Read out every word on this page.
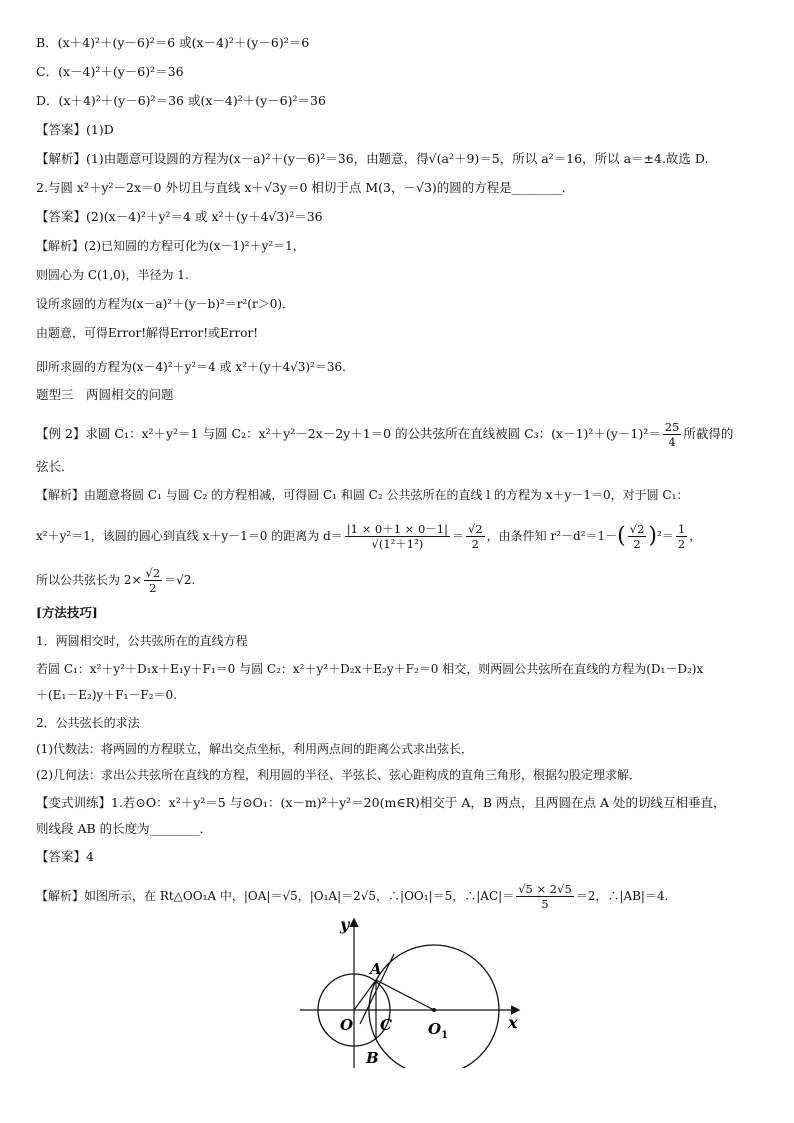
B．(x＋4)²＋(y－6)²＝6 或(x－4)²＋(y－6)²＝6
C．(x－4)²＋(y－6)²＝36
D．(x＋4)²＋(y－6)²＝36 或(x－4)²＋(y－6)²＝36
【答案】(1)D
【解析】(1)由题意可设圆的方程为(x－a)²＋(y－6)²＝36，由题意，得√(a²＋9)＝5，所以 a²＝16，所以 a＝±4.故选 D.
2.与圆 x²＋y²－2x＝0 外切且与直线 x＋√3y＝0 相切于点 M(3，－√3)的圆的方程是________．
【答案】(2)(x－4)²＋y²＝4 或 x²＋(y＋4√3)²＝36
【解析】(2)已知圆的方程可化为(x－1)²＋y²＝1，
则圆心为 C(1,0)，半径为 1.
设所求圆的方程为(x－a)²＋(y－b)²＝r²(r＞0)．
由题意，可得Error!解得Error!或Error!
即所求圆的方程为(x－4)²＋y²＝4 或 x²＋(y＋4√3)²＝36.
题型三　两圆相交的问题
【例 2】求圆 C₁：x²＋y²＝1 与圆 C₂：x²＋y²－2x－2y＋1＝0 的公共弦所在直线被圆 C₃：$(x-1)^2+(y-1)^2= \frac{25}{4}$ 所截得的
弦长．
【解析】由题意将圆 C₁ 与圆 C₂ 的方程相减，可得圆 C₁ 和圆 C₂ 公共弦所在的直线 l 的方程为 x＋y－1＝0，对于圆 C₁：
x²＋y²＝1，该圆的圆心到直线 x＋y－1＝0 的距离为 $d= \frac{|1 \times 0+1 \times 0-1|}{\text{√(1²＋1²)}} = \frac{√2}{2}$ ，由条件知 $r^2-d^2=1-( \frac{√2}{2} )^2= \frac{1}{2}$ ，
所以公共弦长为 $2\times \frac{√2}{2} =√2$.
[方法技巧]
1．两圆相交时，公共弦所在的直线方程
若圆 C₁：x²＋y²＋D₁x＋E₁y＋F₁＝0 与圆 C₂：x²＋y²＋D₂x＋E₂y＋F₂＝0 相交，则两圆公共弦所在直线的方程为(D₁－D₂)x
＋(E₁－E₂)y＋F₁－F₂＝0.
2．公共弦长的求法
(1)代数法：将两圆的方程联立，解出交点坐标，利用两点间的距离公式求出弦长．
(2)几何法：求出公共弦所在直线的方程，利用圆的半径、半弦长、弦心距构成的直角三角形，根据勾股定理求解．
【变式训练】1.若⊙O：x²＋y²＝5 与⊙O₁：(x－m)²＋y²＝20(m∈R)相交于 A，B 两点，且两圆在点 A 处的切线互相垂直，
则线段 AB 的长度为________．
【答案】4
【解析】如图所示，在 Rt△OO₁A 中，|OA|＝√5，|O₁A|＝2√5，∴|OO₁|＝5，∴|AC|＝ $\frac{√5 \times 2√5}{5} =2$，∴|AB|＝4.
y
x
A
O C $O_1$
B
